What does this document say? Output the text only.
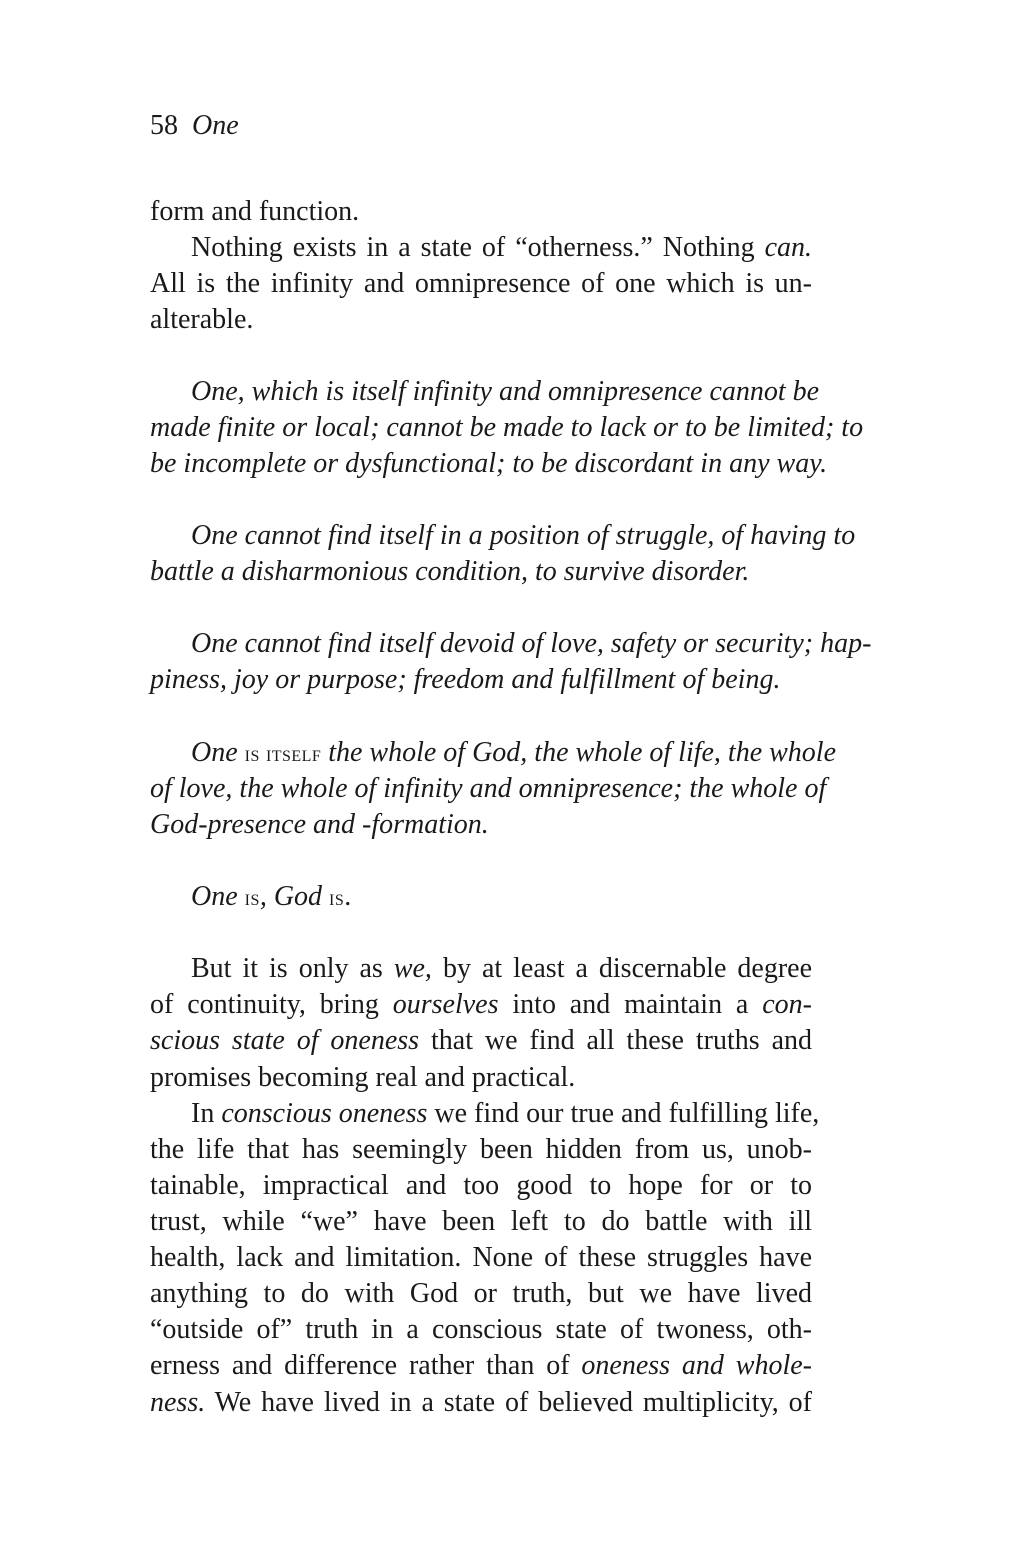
58 One
form and function.
Nothing exists in a state of “otherness.” Nothing can.
All is the infinity and omnipresence of one which is un-
alterable.
One, which is itself infinity and omnipresence cannot be
made finite or local; cannot be made to lack or to be limited; to
be incomplete or dysfunctional; to be discordant in any way.
One cannot find itself in a position of struggle, of having to
battle a disharmonious condition, to survive disorder.
One cannot find itself devoid of love, safety or security; hap-
piness, joy or purpose; freedom and fulfillment of being.
One is itself the whole of God, the whole of life, the whole
of love, the whole of infinity and omnipresence; the whole of
God-presence and -formation.
One is, God is.
But it is only as we, by at least a discernable degree
of continuity, bring ourselves into and maintain a con-
scious state of oneness that we find all these truths and
promises becoming real and practical.
In conscious oneness we find our true and fulfilling life,
the life that has seemingly been hidden from us, unob-
tainable, impractical and too good to hope for or to
trust, while “we” have been left to do battle with ill
health, lack and limitation. None of these struggles have
anything to do with God or truth, but we have lived
“outside of” truth in a conscious state of twoness, oth-
erness and difference rather than of oneness and whole-
ness. We have lived in a state of believed multiplicity, of
